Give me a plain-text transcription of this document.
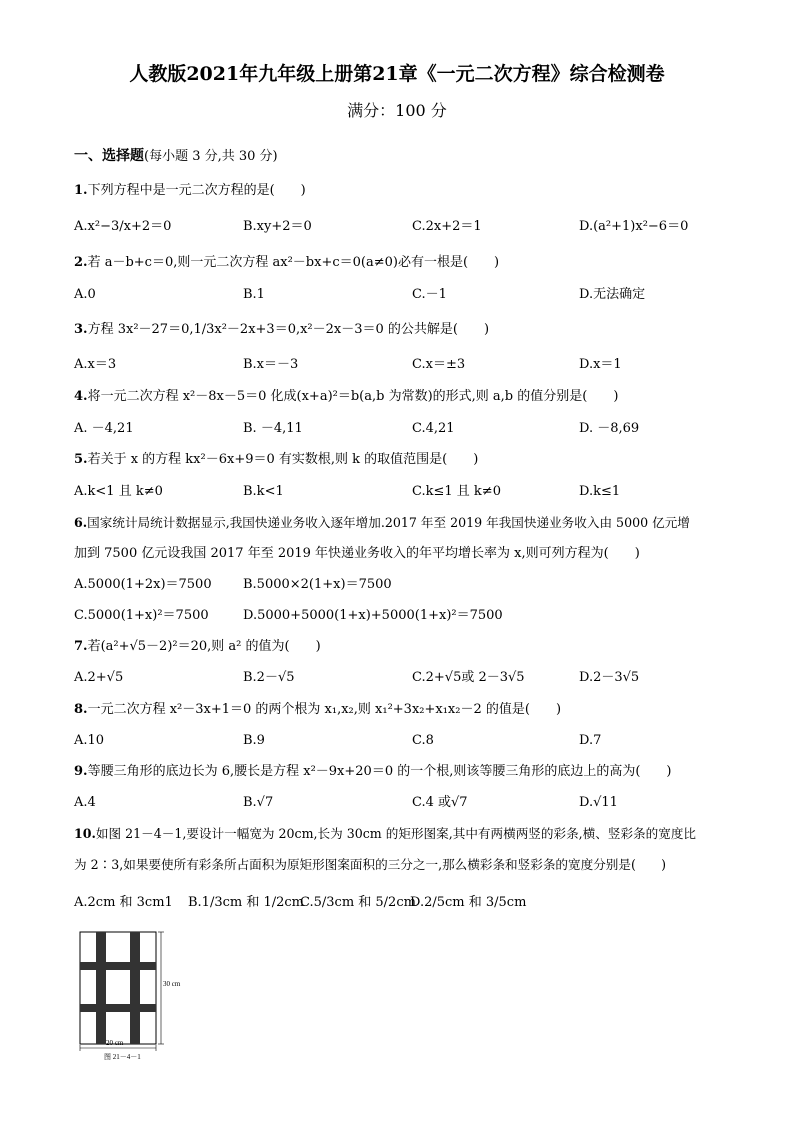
人教版2021年九年级上册第21章《一元二次方程》综合检测卷
满分：100 分
一、选择题(每小题 3 分,共 30 分)
1.下列方程中是一元二次方程的是(　　)
A.x²−3/x+2＝0	B.xy+2＝0	C.2x+2＝1	D.(a²+1)x²−6＝0
2.若 a－b+c＝0,则一元二次方程 ax²－bx+c＝0(a≠0)必有一根是(　　)
A.0	B.1	C.－1	D.无法确定
3.方程 3x²－27＝0,1/3x²－2x+3＝0,x²－2x－3＝0 的公共解是(　　)
A.x＝3	B.x＝－3	C.x＝±3	D.x＝1
4.将一元二次方程 x²－8x－5＝0 化成(x+a)²＝b(a,b 为常数)的形式,则 a,b 的值分别是(　　)
A. －4,21	B. －4,11	C.4,21	D. －8,69
5.若关于 x 的方程 kx²－6x+9＝0 有实数根,则 k 的取值范围是(　　)
A.k<1 且 k≠0	B.k<1	C.k≤1 且 k≠0	D.k≤1
6.国家统计局统计数据显示,我国快递业务收入逐年增加.2017 年至 2019 年我国快递业务收入由 5000 亿元增
加到 7500 亿元设我国 2017 年至 2019 年快递业务收入的年平均增长率为 x,则可列方程为(　　)
A.5000(1+2x)＝7500 B.5000×2(1+x)＝7500
C.5000(1+x)²＝7500	D.5000+5000(1+x)+5000(1+x)²＝7500
7.若(a²+√5－2)²＝20,则 a² 的值为(　　)
A.2+√5	B.2－√5	C.2+√5或 2－3√5	D.2－3√5
8.一元二次方程 x²－3x+1＝0 的两个根为 x₁,x₂,则 x₁²+3x₂+x₁x₂－2 的值是(　　)
A.10	B.9	C.8	D.7
9.等腰三角形的底边长为 6,腰长是方程 x²－9x+20＝0 的一个根,则该等腰三角形的底边上的高为(　　)
A.4	B.√7	C.4 或√7	D.√11
10.如图 21－4－1,要设计一幅宽为 20cm,长为 30cm 的矩形图案,其中有两横两竖的彩条,横、竖彩条的宽度比
为 2∶3,如果要使所有彩条所占面积为原矩形图案面积的三分之一,那么横彩条和竖彩条的宽度分别是(　　)
A.2cm 和 3cm1 B.1/3cm 和 1/2cm
C.5/3cm 和 5/2cm
D.2/5cm 和 3/5cm
30 cm
20 cm
图 21－4－1
